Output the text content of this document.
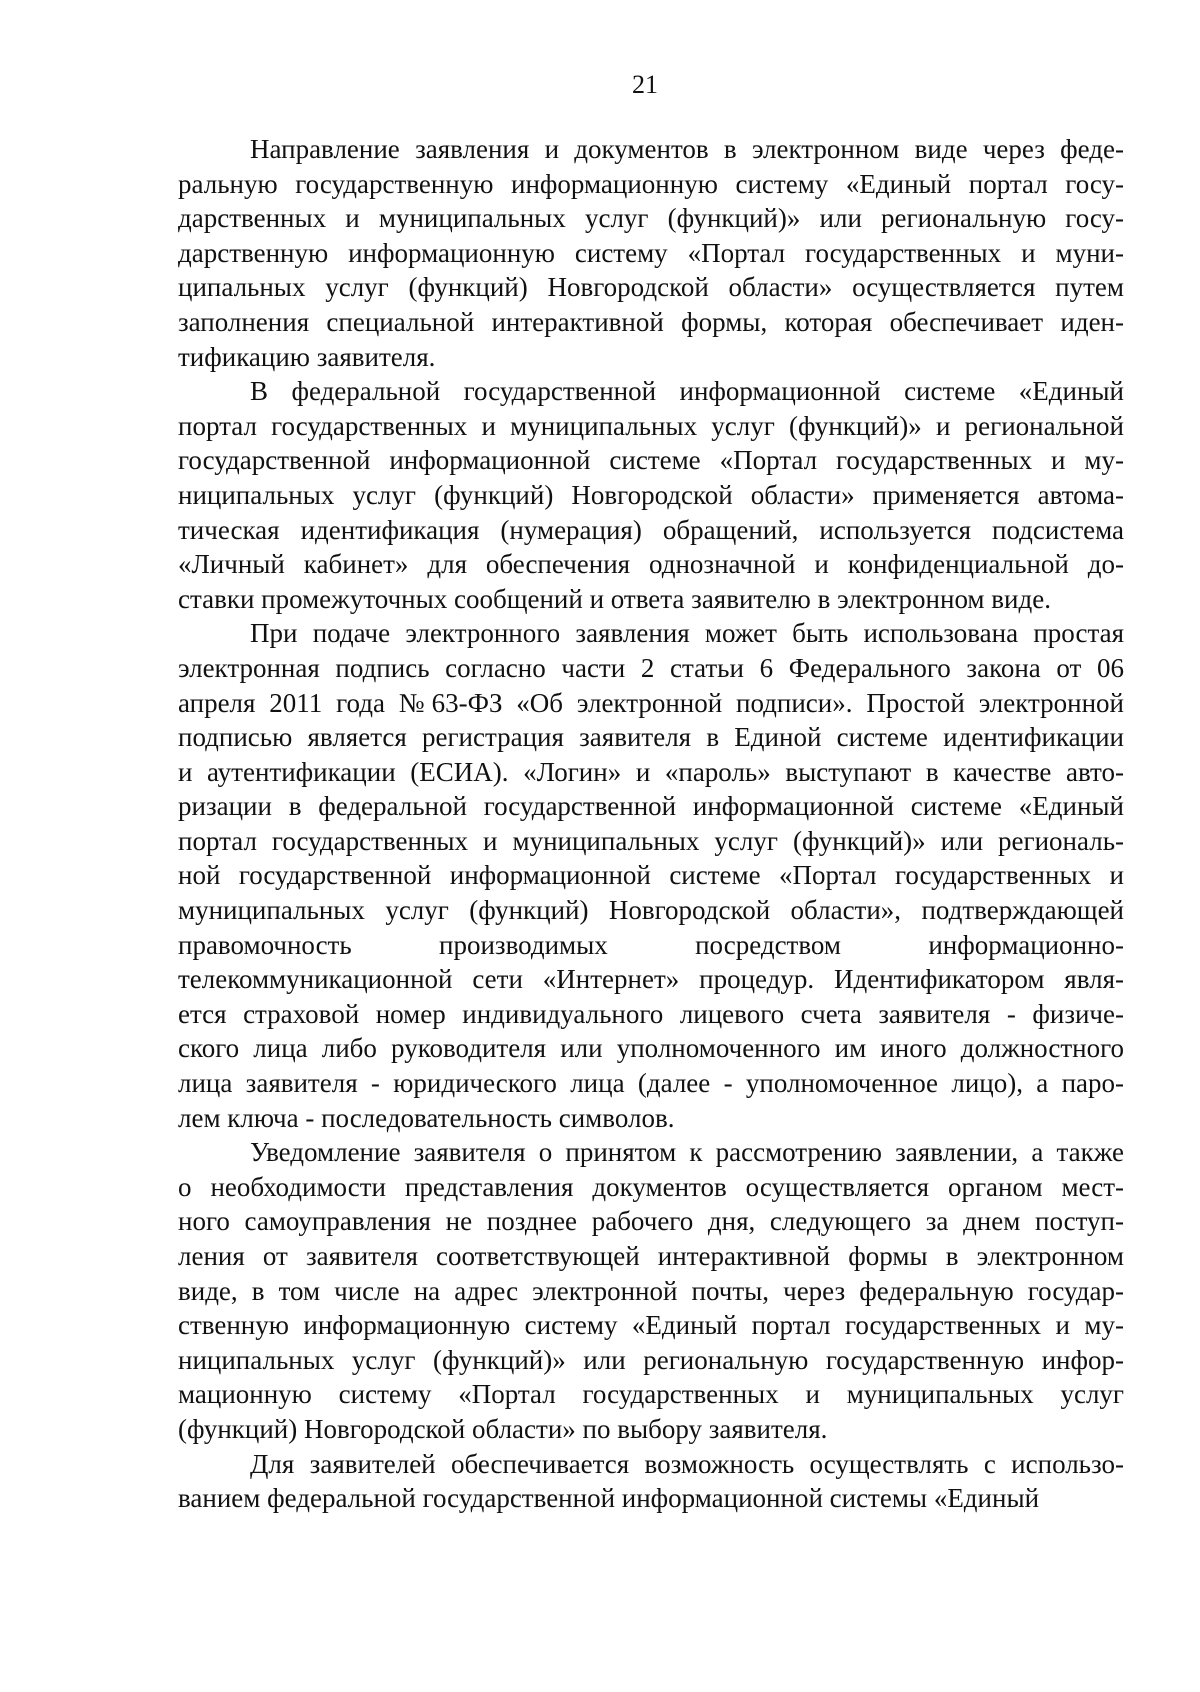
21

Направление заявления и документов в электронном виде через феде-
ральную государственную информационную систему «Единый портал госу-
дарственных и муниципальных услуг (функций)» или региональную госу-
дарственную информационную систему «Портал государственных и муни-
ципальных услуг (функций) Новгородской области» осуществляется путем
заполнения специальной интерактивной формы, которая обеспечивает иден-
тификацию заявителя.

В федеральной государственной информационной системе «Единый
портал государственных и муниципальных услуг (функций)» и региональной
государственной информационной системе «Портал государственных и му-
ниципальных услуг (функций) Новгородской области» применяется автома-
тическая идентификация (нумерация) обращений, используется подсистема
«Личный кабинет» для обеспечения однозначной и конфиденциальной до-
ставки промежуточных сообщений и ответа заявителю в электронном виде.

При подаче электронного заявления может быть использована простая
электронная подпись согласно части 2 статьи 6 Федерального закона от 06
апреля 2011 года №63-ФЗ «Об электронной подписи». Простой электронной
подписью является регистрация заявителя в Единой системе идентификации
и аутентификации (ЕСИА). «Логин» и «пароль» выступают в качестве авто-
ризации в федеральной государственной информационной системе «Единый
портал государственных и муниципальных услуг (функций)» или региональ-
ной государственной информационной системе «Портал государственных и
муниципальных услуг (функций) Новгородской области», подтверждающей
правомочность производимых посредством информационно-
телекоммуникационной сети «Интернет» процедур. Идентификатором явля-
ется страховой номер индивидуального лицевого счета заявителя - физиче-
ского лица либо руководителя или уполномоченного им иного должностного
лица заявителя - юридического лица (далее - уполномоченное лицо), а паро-
лем ключа - последовательность символов.

Уведомление заявителя о принятом к рассмотрению заявлении, а также
о необходимости представления документов осуществляется органом мест-
ного самоуправления не позднее рабочего дня, следующего за днем поступ-
ления от заявителя соответствующей интерактивной формы в электронном
виде, в том числе на адрес электронной почты, через федеральную государ-
ственную информационную систему «Единый портал государственных и му-
ниципальных услуг (функций)» или региональную государственную инфор-
мационную систему «Портал государственных и муниципальных услуг
(функций) Новгородской области» по выбору заявителя.

Для заявителей обеспечивается возможность осуществлять с использо-
ванием федеральной государственной информационной системы «Единый
